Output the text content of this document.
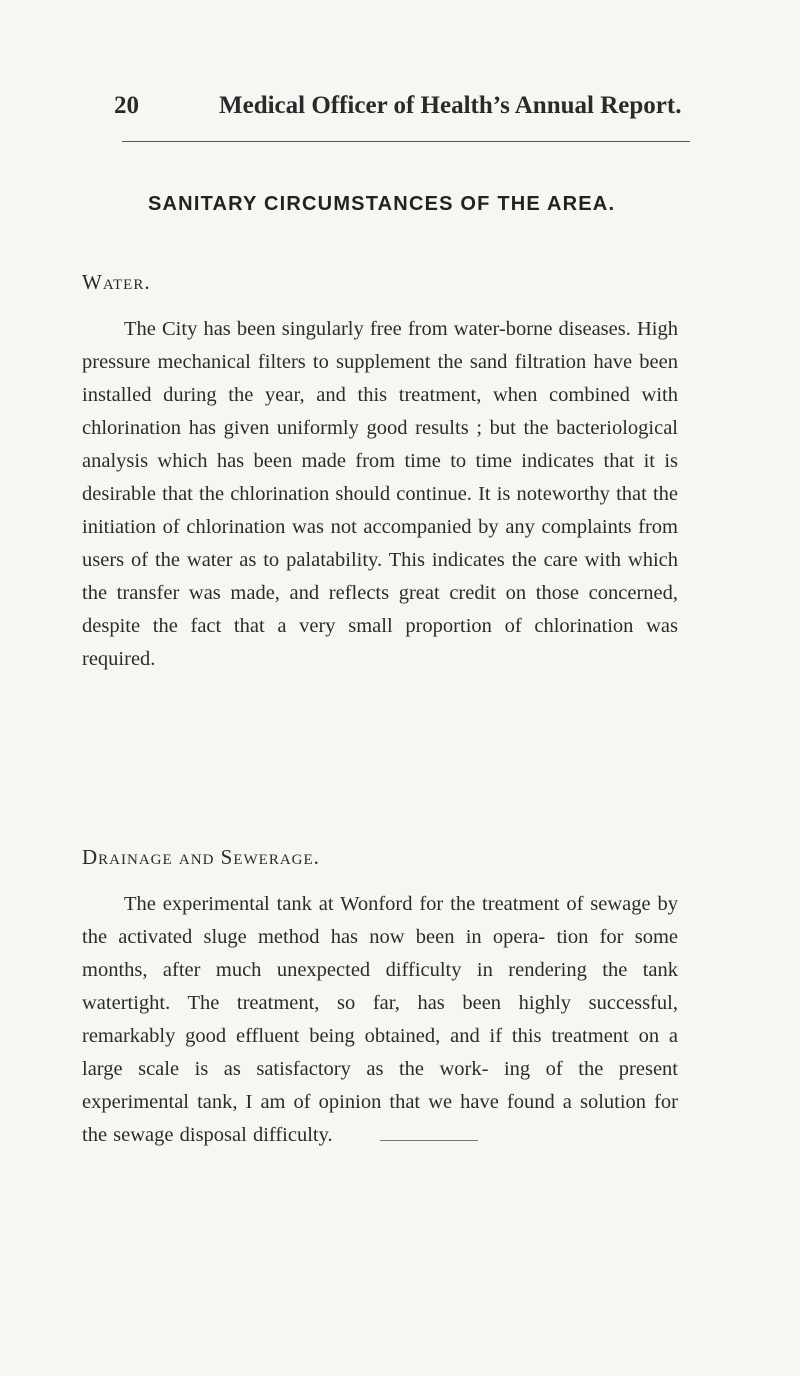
20	Medical Officer of Health’s Annual Report.
SANITARY CIRCUMSTANCES OF THE AREA.
Water.

The City has been singularly free from water-borne diseases. High pressure mechanical filters to supplement the sand filtration have been installed during the year, and this treatment, when combined with chlorination has given uniformly good results ; but the bacteriological analysis which has been made from time to time indicates that it is desirable that the chlorination should continue. It is noteworthy that the initiation of chlorination was not accompanied by any complaints from users of the water as to palatability. This indicates the care with which the transfer was made, and reflects great credit on those concerned, despite the fact that a very small proportion of chlorination was required.

Drainage and Sewerage.

The experimental tank at Wonford for the treatment of sewage by the activated sluge method has now been in opera- tion for some months, after much unexpected difficulty in rendering the tank watertight. The treatment, so far, has been highly successful, remarkably good effluent being obtained, and if this treatment on a large scale is as satisfactory as the work- ing of the present experimental tank, I am of opinion that we have found a solution for the sewage disposal difficulty.
